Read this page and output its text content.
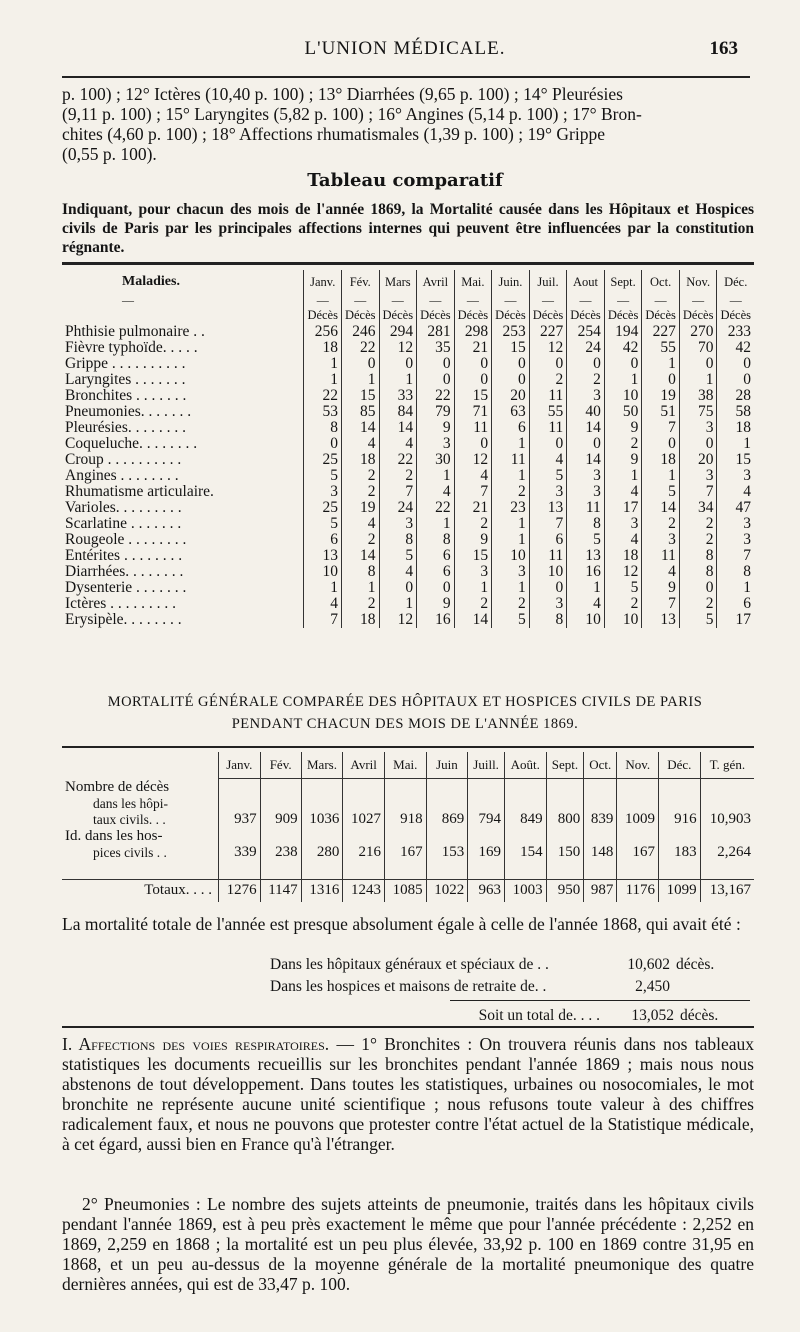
L'UNION MÉDICALE.	163
p. 100) ; 12° Ictères (10,40 p. 100) ; 13° Diarrhées (9,65 p. 100) ; 14° Pleurésies
(9,11 p. 100) ; 15° Laryngites (5,82 p. 100) ; 16° Angines (5,14 p. 100) ; 17° Bron-
chites (4,60 p. 100) ; 18° Affections rhumatismales (1,39 p. 100) ; 19° Grippe
(0,55 p. 100).
Tableau comparatif
Indiquant, pour chacun des mois de l'année 1869, la Mortalité causée dans les Hôpitaux et Hospices civils de Paris par les principales affections internes qui peuvent être influencées par la constitution régnante.
Maladies.	Janv.	Fév.	Mars	Avril	Mai.	Juin.	Juil.	Aout	Sept.	Oct.	Nov.	Déc.
—	—	—	—	—	—	—	—	—	—	—	—	—
	Décès	Décès	Décès	Décès	Décès	Décès	Décès	Décès	Décès	Décès	Décès	Décès
Phthisie pulmonaire . .	256	246	294	281	298	253	227	254	194	227	270	233
Fièvre typhoïde. . . . .	18	22	12	35	21	15	12	24	42	55	70	42
Grippe . . . . . . . . . .	1	0	0	0	0	0	0	0	0	1	0	0
Laryngites . . . . . . .	1	1	1	0	0	0	2	2	1	0	1	0
Bronchites . . . . . . .	22	15	33	22	15	20	11	3	10	19	38	28
Pneumonies. . . . . . .	53	85	84	79	71	63	55	40	50	51	75	58
Pleurésies. . . . . . . .	8	14	14	9	11	6	11	14	9	7	3	18
Coqueluche. . . . . . . .	0	4	4	3	0	1	0	0	2	0	0	1
Croup . . . . . . . . . .	25	18	22	30	12	11	4	14	9	18	20	15
Angines . . . . . . . .	5	2	2	1	4	1	5	3	1	1	3	3
Rhumatisme articulaire.	3	2	7	4	7	2	3	3	4	5	7	4
Varioles. . . . . . . . .	25	19	24	22	21	23	13	11	17	14	34	47
Scarlatine . . . . . . .	5	4	3	1	2	1	7	8	3	2	2	3
Rougeole . . . . . . . .	6	2	8	8	9	1	6	5	4	3	2	3
Entérites . . . . . . . .	13	14	5	6	15	10	11	13	18	11	8	7
Diarrhées. . . . . . . .	10	8	4	6	3	3	10	16	12	4	8	8
Dysenterie . . . . . . .	1	1	0	0	1	1	0	1	5	9	0	1
Ictères . . . . . . . . .	4	2	1	9	2	2	3	4	2	7	2	6
Erysipèle. . . . . . . .	7	18	12	16	14	5	8	10	10	13	5	17
MORTALITÉ GÉNÉRALE COMPARÉE DES HÔPITAUX ET HOSPICES CIVILS DE PARIS
PENDANT CHACUN DES MOIS DE L'ANNÉE 1869.
	Janv.	Fév.	Mars.	Avril	Mai.	Juin	Juill.	Août.	Sept.	Oct.	Nov.	Déc.	T. gén.

Nombre de décès
dans les hôpi-
taux civils. . .	937	909	1036	1027	918	869	794	849	800	839	1009	916	10,903

Id. dans les hos-
pices civils . .	339	238	280	216	167	153	169	154	150	148	167	183	2,264

Totaux. . . .	1276	1147	1316	1243	1085	1022	963	1003	950	987	1176	1099	13,167
La mortalité totale de l'année est presque absolument égale à celle de l'année 1868, qui avait été :
Dans les hôpitaux généraux et spéciaux de . .	10,602 décès.
Dans les hospices et maisons de retraite de. .	2,450
Soit un total de. . . .	13,052 décès.
I. Affections des voies respiratoires. — 1° Bronchites : On trouvera réunis dans nos tableaux statistiques les documents recueillis sur les bronchites pendant l'année 1869 ; mais nous nous abstenons de tout développement. Dans toutes les statistiques, urbaines ou nosocomiales, le mot bronchite ne représente aucune unité scientifique ; nous refusons toute valeur à des chiffres radicalement faux, et nous ne pouvons que protester contre l'état actuel de la Statistique médicale, à cet égard, aussi bien en France qu'à l'étranger.
2° Pneumonies : Le nombre des sujets atteints de pneumonie, traités dans les hôpitaux civils pendant l'année 1869, est à peu près exactement le même que pour l'année précédente : 2,252 en 1869, 2,259 en 1868 ; la mortalité est un peu plus élevée, 33,92 p. 100 en 1869 contre 31,95 en 1868, et un peu au-dessus de la moyenne générale de la mortalité pneumonique des quatre dernières années, qui est de 33,47 p. 100.
